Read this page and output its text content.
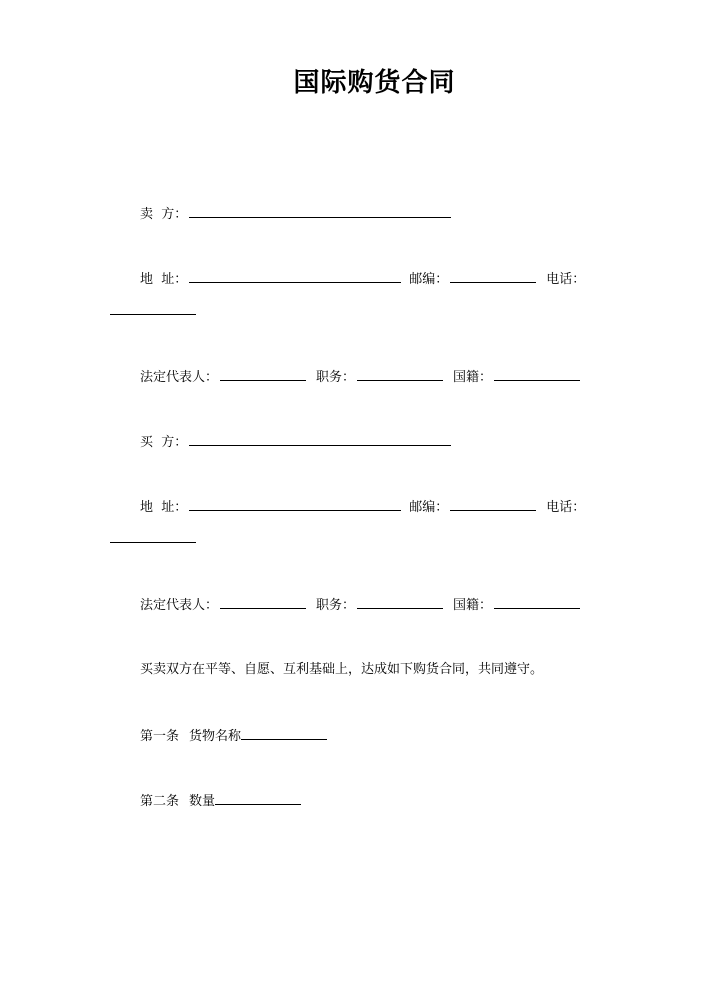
国际购货合同
卖  方：
地  址：	邮编：	电话：
法定代表人：	职务：	国籍：
买  方：
地  址：	邮编：	电话：
法定代表人：	职务：	国籍：
买卖双方在平等、自愿、互利基础上，达成如下购货合同，共同遵守。
第一条 货物名称
第二条 数量
